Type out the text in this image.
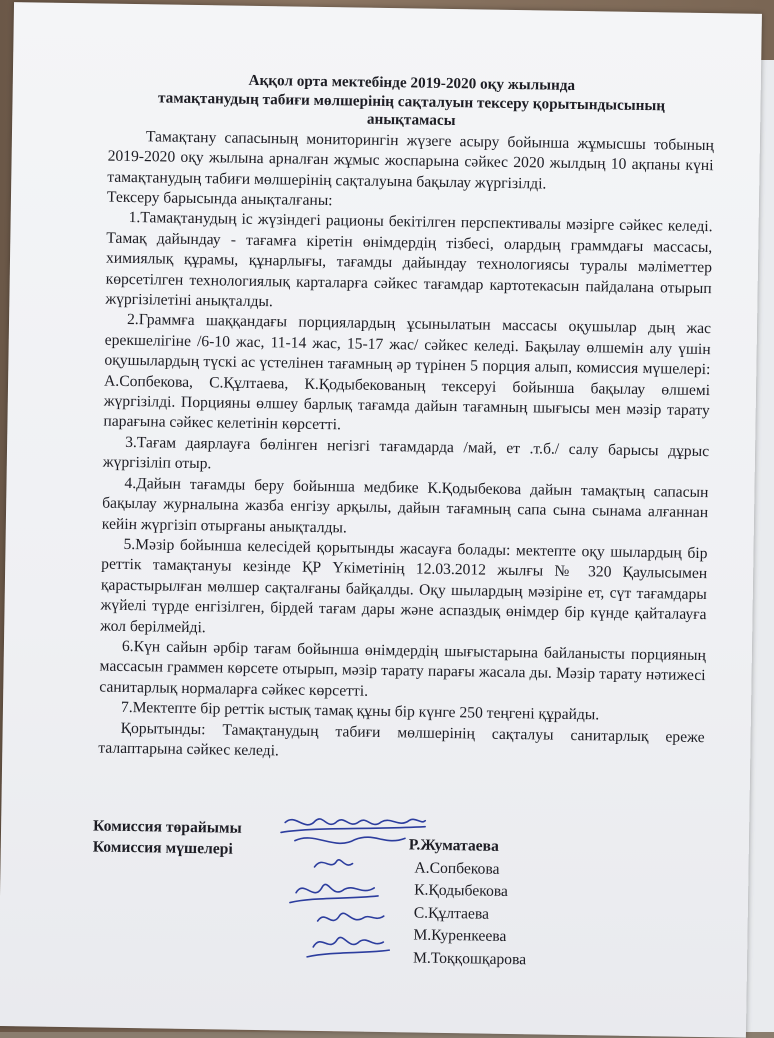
Аққол орта мектебінде 2019-2020 оқу жылында
тамақтанудың табиғи мөлшерінің сақталуын тексеру қорытындысының
анықтамасы

Тамақтану сапасының мониторингін жүзеге асыру бойынша жұмысшы тобының 2019-2020 оқу жылына арналған жұмыс жоспарына сәйкес 2020 жылдың 10 ақпаны күні тамақтанудың табиғи мөлшерінің сақталуына бақылау жүргізілді.

Тексеру барысында анықталғаны:

1.Тамақтанудың іс жүзіндегі рационы бекітілген перспективалы мәзірге сәйкес келеді. Тамақ дайындау - тағамға кіретін өнімдердің тізбесі, олардың граммдағы массасы, химиялық құрамы, құнарлығы, тағамды дайындау технологиясы туралы мәліметтер көрсетілген технологиялық карталарға сәйкес тағамдар картотекасын пайдалана отырып жүргізілетіні анықталды.

2.Граммға шаққандағы порциялардың ұсынылатын массасы оқушылар дың жас ерекшелігіне /6-10 жас, 11-14 жас, 15-17 жас/ сәйкес келеді. Бақылау өлшемін алу үшін оқушылардың түскі ас үстелінен тағамның әр түрінен 5 порция алып, комиссия мүшелері: А.Сопбекова, С.Құлтаева, К.Қодыбекованың тексеруі бойынша бақылау өлшемі жүргізілді. Порцияны өлшеу барлық тағамда дайын тағамның шығысы мен мәзір тарату парағына сәйкес келетінін көрсетті.

3.Тағам даярлауға бөлінген негізгі тағамдарда /май, ет .т.б./ салу барысы дұрыс жүргізіліп отыр.

4.Дайын тағамды беру бойынша медбике К.Қодыбекова дайын тамақтың сапасын бақылау журналына жазба енгізу арқылы, дайын тағамның сапа сына сынама алғаннан кейін жүргізіп отырғаны анықталды.

5.Мәзір бойынша келесідей қорытынды жасауға болады: мектепте оқу шылардың бір реттік тамақтануы кезінде ҚР Үкіметінің 12.03.2012 жылғы № 320 Қаулысымен қарастырылған мөлшер сақталғаны байқалды. Оқу шылардың мәзіріне ет, сүт тағамдары жүйелі түрде енгізілген, бірдей тағам дары және аспаздық өнімдер бір күнде қайталауға жол берілмейді.

6.Күн сайын әрбір тағам бойынша өнімдердің шығыстарына байланысты порцияның массасын граммен көрсете отырып, мәзір тарату парағы жасала ды. Мәзір тарату нәтижесі санитарлық нормаларға сәйкес көрсетті.

7.Мектепте бір реттік ыстық тамақ құны бір күнге 250 теңгені құрайды.

Қорытынды: Тамақтанудың табиғи мөлшерінің сақталуы санитарлық ереже талаптарына сәйкес келеді.

Комиссия төрайымы
Комиссия мүшелері	Р.Жуматаева
А.Сопбекова
К.Қодыбекова
С.Құлтаева
М.Куренкеева
М.Тоққошқарова
